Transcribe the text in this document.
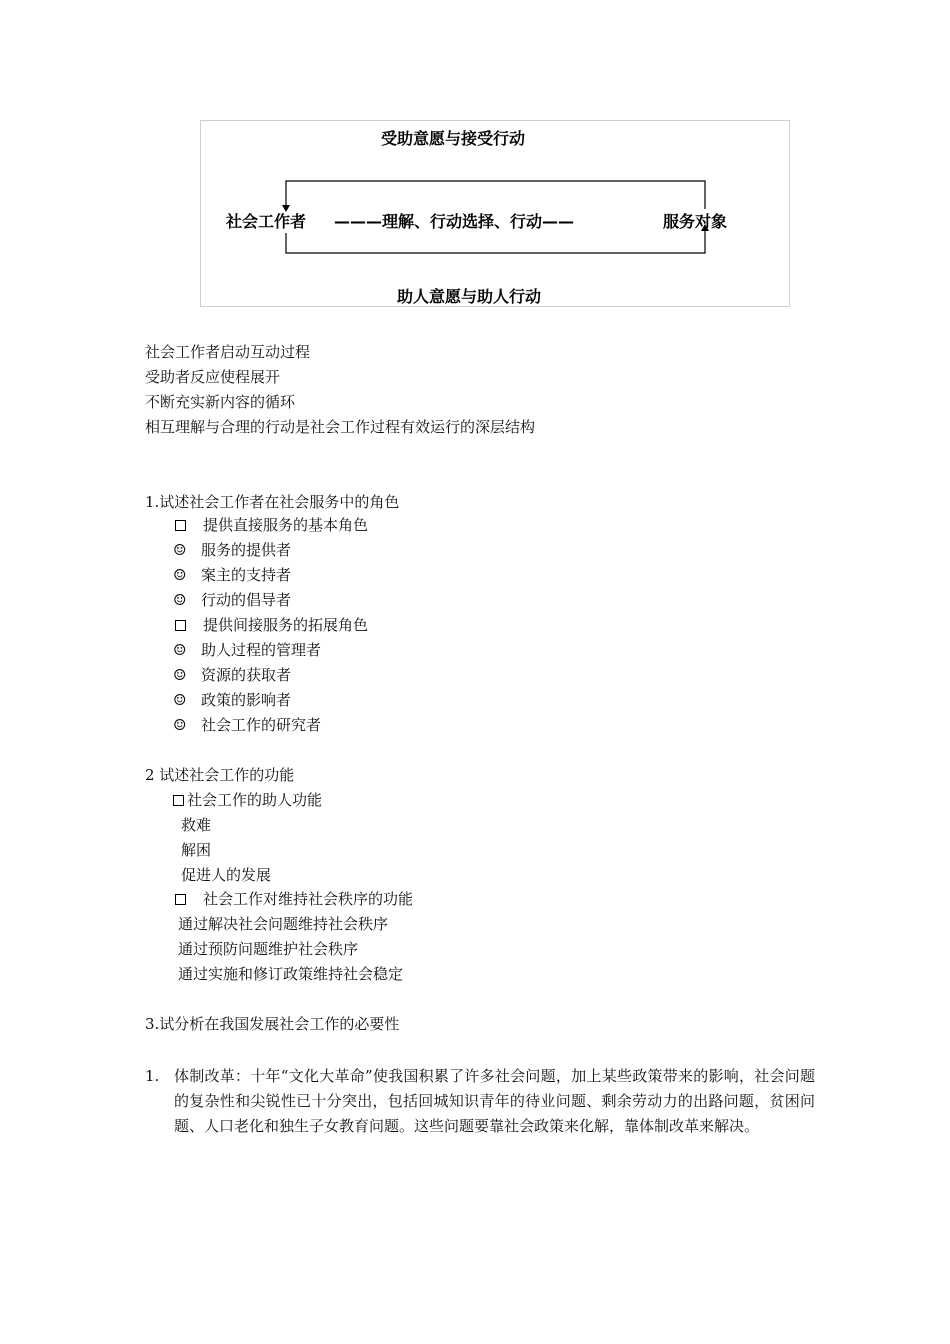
受助意愿与接受行动
社会工作者 ———理解、行动选择、行动——	服务对象
助人意愿与助人行动
社会工作者启动互动过程
受助者反应使程展开
不断充实新内容的循环
相互理解与合理的行动是社会工作过程有效运行的深层结构
1.试述社会工作者在社会服务中的角色
提供直接服务的基本角色
☺ 服务的提供者
☺ 案主的支持者
☺ 行动的倡导者
提供间接服务的拓展角色
☺ 助人过程的管理者
☺ 资源的获取者
☺ 政策的影响者
☺ 社会工作的研究者
2 试述社会工作的功能
社会工作的助人功能
救难
解困
促进人的发展
社会工作对维持社会秩序的功能
通过解决社会问题维持社会秩序
通过预防问题维护社会秩序
通过实施和修订政策维持社会稳定
3.试分析在我国发展社会工作的必要性
1. 体制改革：十年“文化大革命”使我国积累了许多社会问题，加上某些政策带来的影响，社会问题的复杂性和尖锐性已十分突出，包括回城知识青年的待业问题、剩余劳动力的出路问题，贫困问题、人口老化和独生子女教育问题。这些问题要靠社会政策来化解，靠体制改革来解决。
